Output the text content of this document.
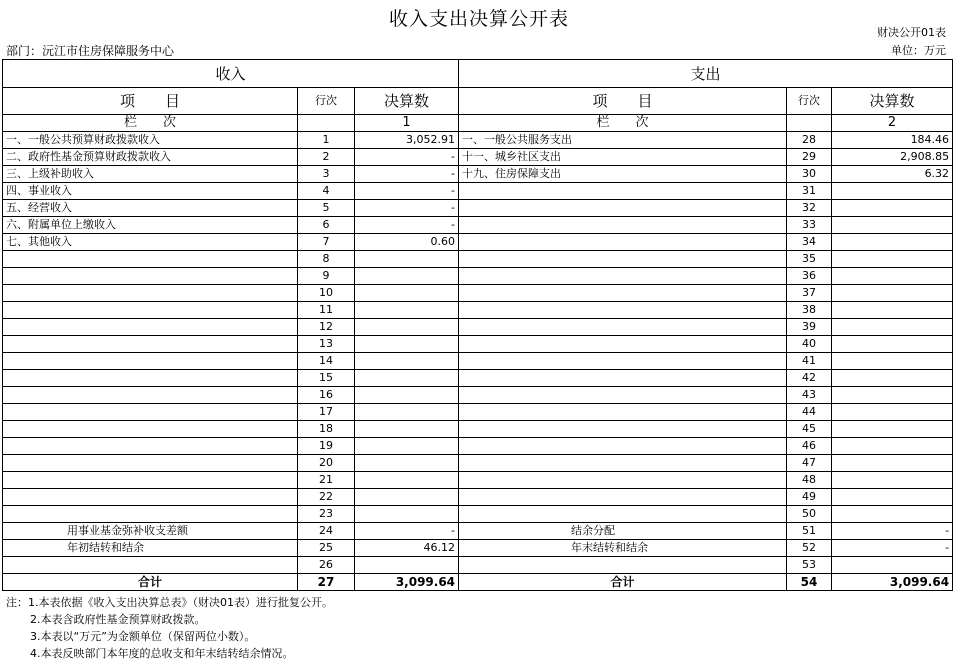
收入支出决算公开表
财决公开01表
部门：沅江市住房保障服务中心	单位：万元
收入			支出		
项　　目	行次	决算数	项　　目	行次	决算数
栏　　次		1	栏　　次		2
一、一般公共预算财政拨款收入	1	3,052.91	一、一般公共服务支出	28	184.46
二、政府性基金预算财政拨款收入	2	-	十一、城乡社区支出	29	2,908.85
三、上级补助收入	3	-	十九、住房保障支出	30	6.32
四、事业收入	4	-		31	
五、经营收入	5	-		32	
六、附属单位上缴收入	6	-		33	
七、其他收入	7	0.60		34	
	8			35	
	9			36	
	10			37	
	11			38	
	12			39	
	13			40	
	14			41	
	15			42	
	16			43	
	17			44	
	18			45	
	19			46	
	20			47	
	21			48	
	22			49	
	23			50	
用事业基金弥补收支差额	24	-	结余分配	51	-
年初结转和结余	25	46.12	年末结转和结余	52	-
	26			53	
合计	27	3,099.64	合计	54	3,099.64
注：1.本表依据《收入支出决算总表》（财决01表）进行批复公开。
2.本表含政府性基金预算财政拨款。
3.本表以“万元”为金额单位（保留两位小数）。
4.本表反映部门本年度的总收支和年末结转结余情况。
